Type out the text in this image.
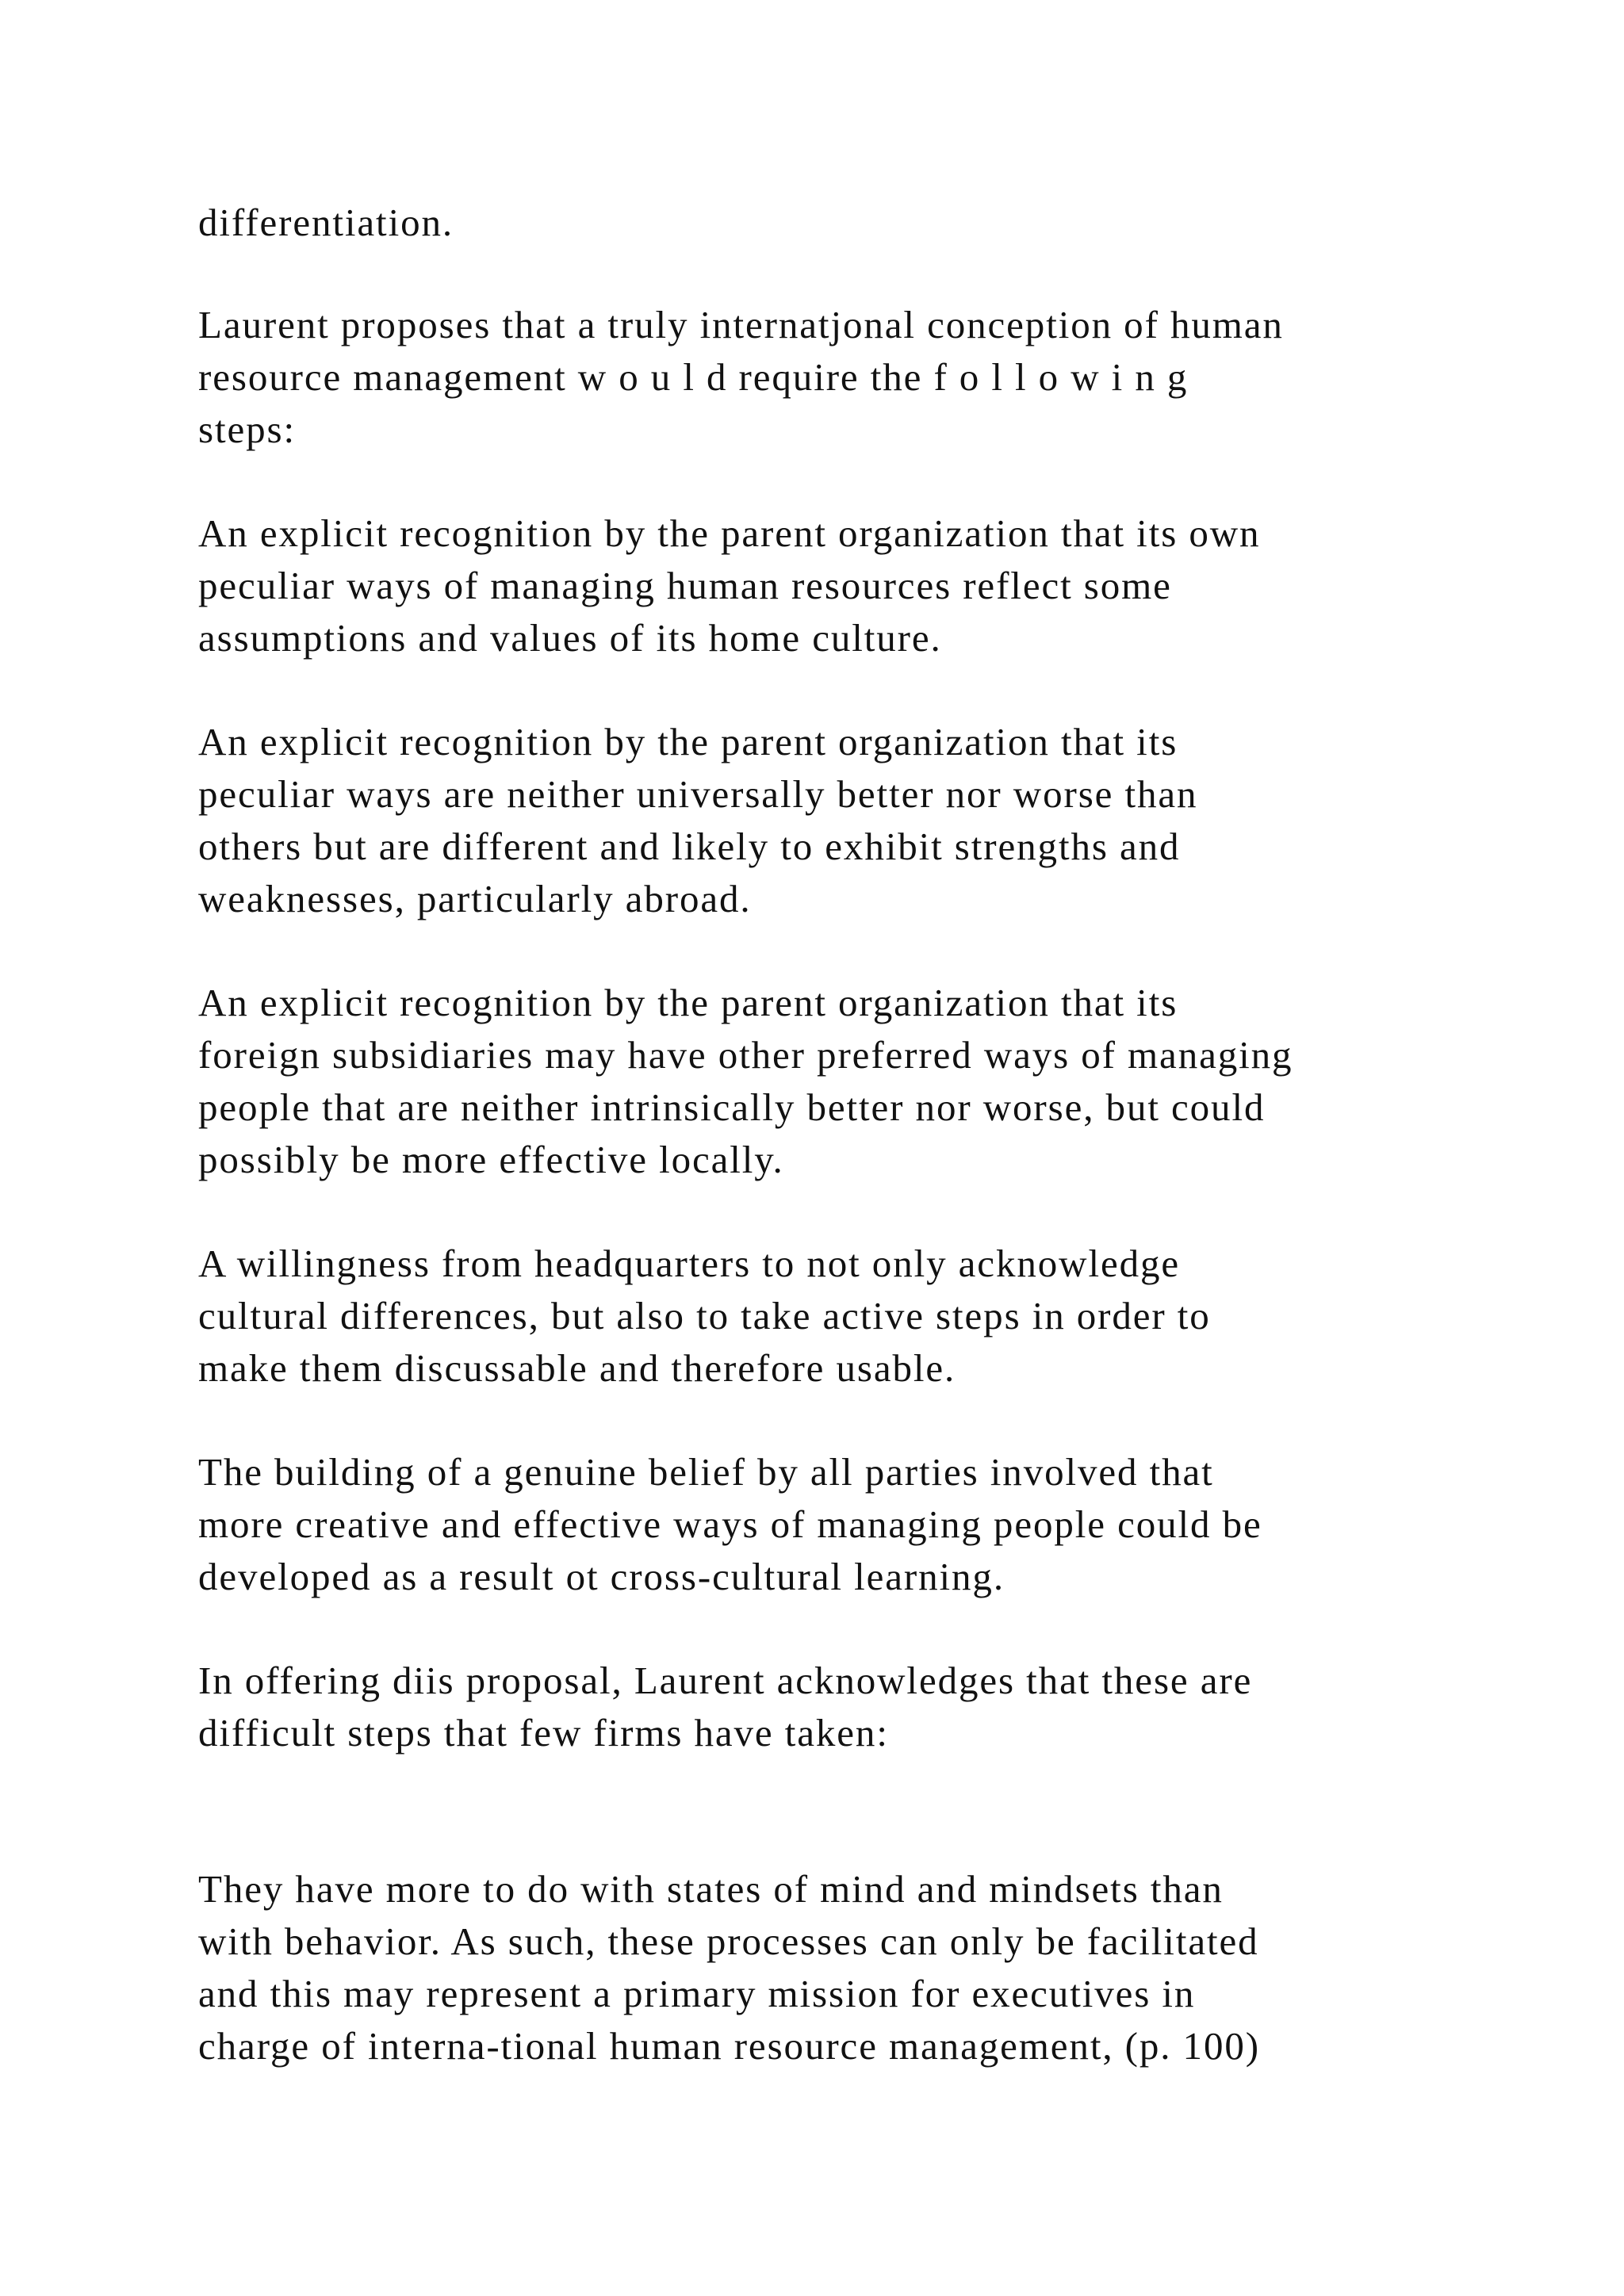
differentiation.
Laurent proposes that a truly internatjonal conception of human
resource management w o u l d require the f o l l o w i n g
steps:
An explicit recognition by the parent organization that its own
peculiar ways of managing human resources reflect some
assumptions and values of its home culture.
An explicit recognition by the parent organization that its
peculiar ways are neither universally better nor worse than
others but are different and likely to exhibit strengths and
weaknesses, particularly abroad.
An explicit recognition by the parent organization that its
foreign subsidiaries may have other preferred ways of managing
people that are neither intrinsically better nor worse, but could
possibly be more effective locally.
A willingness from headquarters to not only acknowledge
cultural differences, but also to take active steps in order to
make them discussable and therefore usable.
The building of a genuine belief by all parties involved that
more creative and effective ways of managing people could be
developed as a result ot cross-cultural learning.
In offering diis proposal, Laurent acknowledges that these are
difficult steps that few firms have taken:
They have more to do with states of mind and mindsets than
with behavior. As such, these processes can only be facilitated
and this may represent a primary mission for executives in
charge of interna-tional human resource management, (p. 100)
